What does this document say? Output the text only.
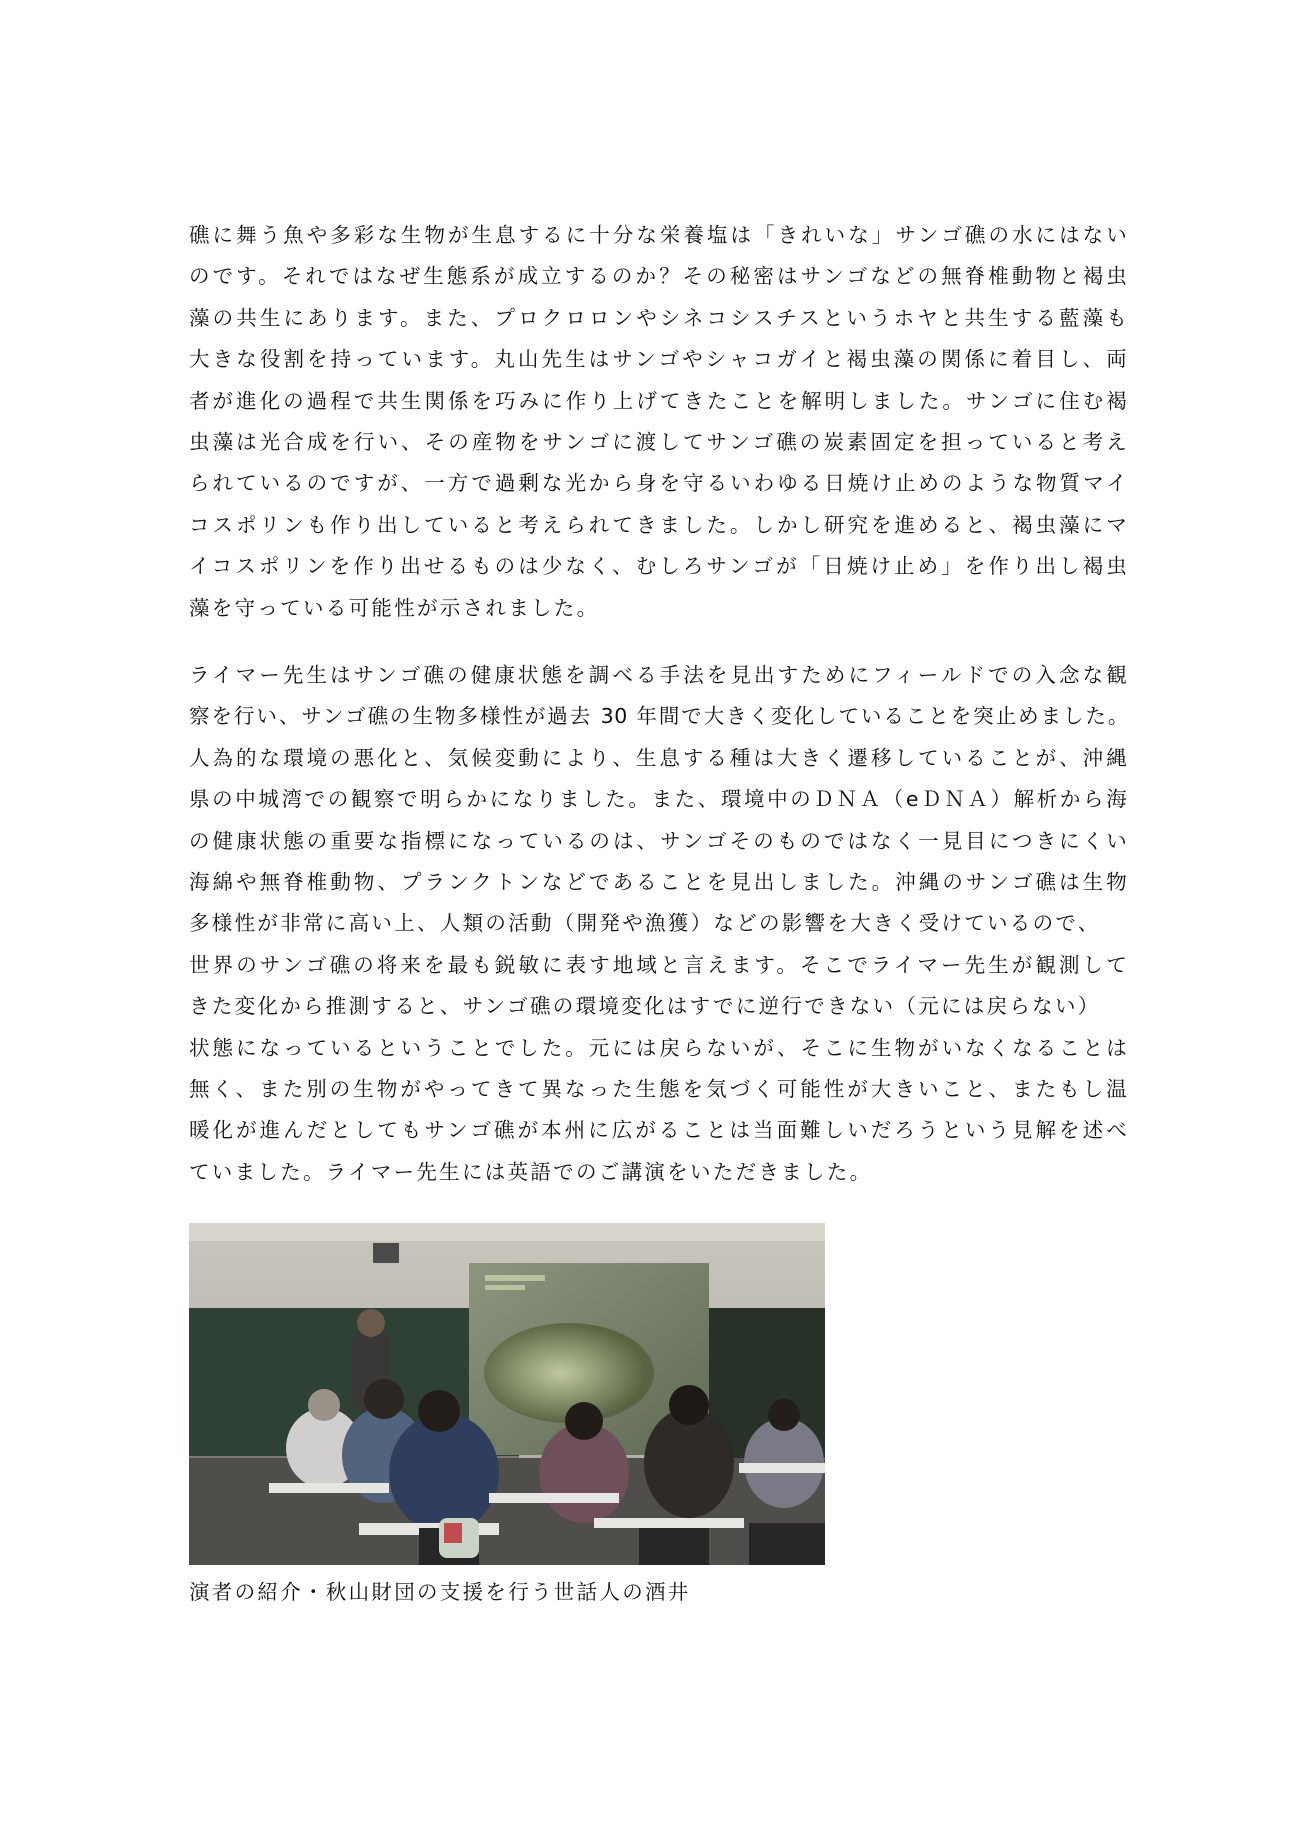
礁に舞う魚や多彩な生物が生息するに十分な栄養塩は「きれいな」サンゴ礁の水にはない
のです。それではなぜ生態系が成立するのか？その秘密はサンゴなどの無脊椎動物と褐虫
藻の共生にあります。また、プロクロロンやシネコシスチスというホヤと共生する藍藻も
大きな役割を持っています。丸山先生はサンゴやシャコガイと褐虫藻の関係に着目し、両
者が進化の過程で共生関係を巧みに作り上げてきたことを解明しました。サンゴに住む褐
虫藻は光合成を行い、その産物をサンゴに渡してサンゴ礁の炭素固定を担っていると考え
られているのですが、一方で過剰な光から身を守るいわゆる日焼け止めのような物質マイ
コスポリンも作り出していると考えられてきました。しかし研究を進めると、褐虫藻にマ
イコスポリンを作り出せるものは少なく、むしろサンゴが「日焼け止め」を作り出し褐虫
藻を守っている可能性が示されました。
ライマー先生はサンゴ礁の健康状態を調べる手法を見出すためにフィールドでの入念な観
察を行い、サンゴ礁の生物多様性が過去 30 年間で大きく変化していることを突止めました。
人為的な環境の悪化と、気候変動により、生息する種は大きく遷移していることが、沖縄
県の中城湾での観察で明らかになりました。また、環境中のＤＮＡ（eＤＮＡ）解析から海
の健康状態の重要な指標になっているのは、サンゴそのものではなく一見目につきにくい
海綿や無脊椎動物、プランクトンなどであることを見出しました。沖縄のサンゴ礁は生物
多様性が非常に高い上、人類の活動（開発や漁獲）などの影響を大きく受けているので、
世界のサンゴ礁の将来を最も鋭敏に表す地域と言えます。そこでライマー先生が観測して
きた変化から推測すると、サンゴ礁の環境変化はすでに逆行できない（元には戻らない）
状態になっているということでした。元には戻らないが、そこに生物がいなくなることは
無く、また別の生物がやってきて異なった生態を気づく可能性が大きいこと、またもし温
暖化が進んだとしてもサンゴ礁が本州に広がることは当面難しいだろうという見解を述べ
ていました。ライマー先生には英語でのご講演をいただきました。
演者の紹介・秋山財団の支援を行う世話人の酒井
